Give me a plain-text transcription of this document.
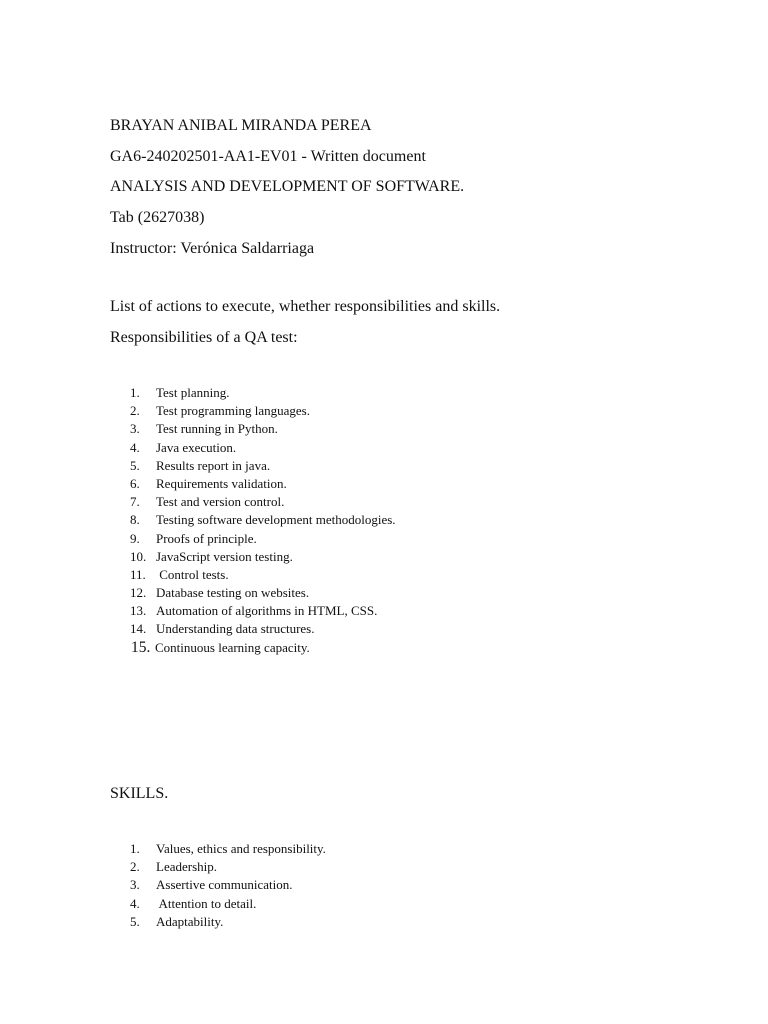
BRAYAN ANIBAL MIRANDA PEREA
GA6-240202501-AA1-EV01 - Written document
ANALYSIS AND DEVELOPMENT OF SOFTWARE.
Tab (2627038)
Instructor: Verónica Saldarriaga
List of actions to execute, whether responsibilities and skills.
Responsibilities of a QA test:
1.	Test planning.
2.	Test programming languages.
3.	Test running in Python.
4.	Java execution.
5.	Results report in java.
6.	Requirements validation.
7.	Test and version control.
8.	Testing software development methodologies.
9.	Proofs of principle.
10. JavaScript version testing.
11. Control tests.
12. Database testing on websites.
13. Automation of algorithms in HTML, CSS.
14. Understanding data structures.
15. Continuous learning capacity.
SKILLS.
1.	Values, ethics and responsibility.
2.	Leadership.
3.	Assertive communication.
4.	Attention to detail.
5.	Adaptability.
